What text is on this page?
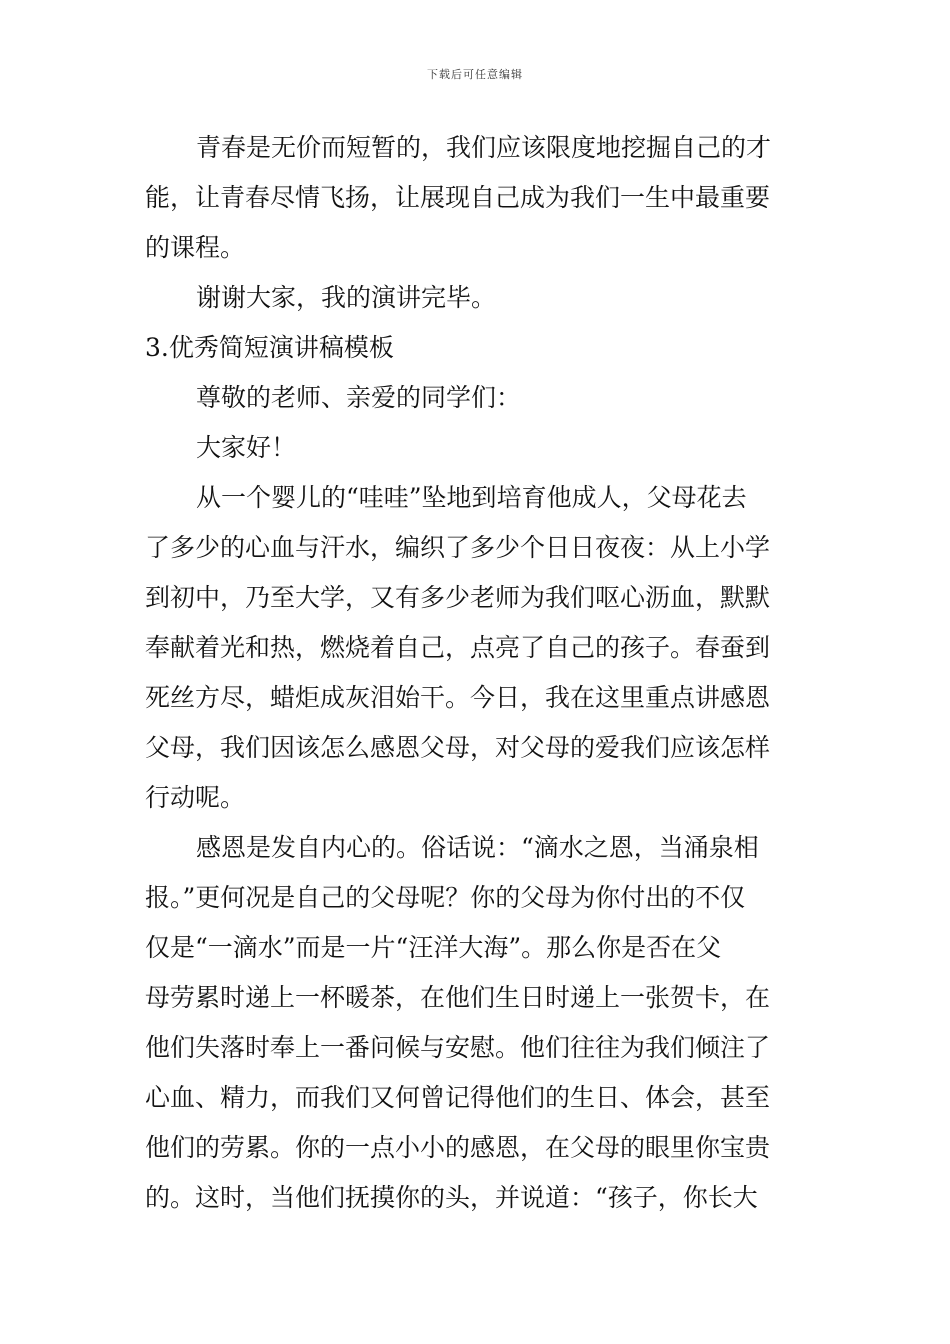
下载后可任意编辑
青春是无价而短暂的，我们应该限度地挖掘自己的才
能，让青春尽情飞扬，让展现自己成为我们一生中最重要
的课程。
谢谢大家，我的演讲完毕。
3.优秀简短演讲稿模板
尊敬的老师、亲爱的同学们：
大家好！
从一个婴儿的“哇哇”坠地到培育他成人，父母花去
了多少的心血与汗水，编织了多少个日日夜夜：从上小学
到初中，乃至大学，又有多少老师为我们呕心沥血，默默
奉献着光和热，燃烧着自己，点亮了自己的孩子。春蚕到
死丝方尽，蜡炬成灰泪始干。今日，我在这里重点讲感恩
父母，我们因该怎么感恩父母，对父母的爱我们应该怎样
行动呢。
感恩是发自内心的。俗话说：“滴水之恩，当涌泉相
报。”更何况是自己的父母呢？你的父母为你付出的不仅
仅是“一滴水”而是一片“汪洋大海”。那么你是否在父
母劳累时递上一杯暖茶，在他们生日时递上一张贺卡，在
他们失落时奉上一番问候与安慰。他们往往为我们倾注了
心血、精力，而我们又何曾记得他们的生日、体会，甚至
他们的劳累。你的一点小小的感恩，在父母的眼里你宝贵
的。这时，当他们抚摸你的头，并说道：“孩子，你长大
